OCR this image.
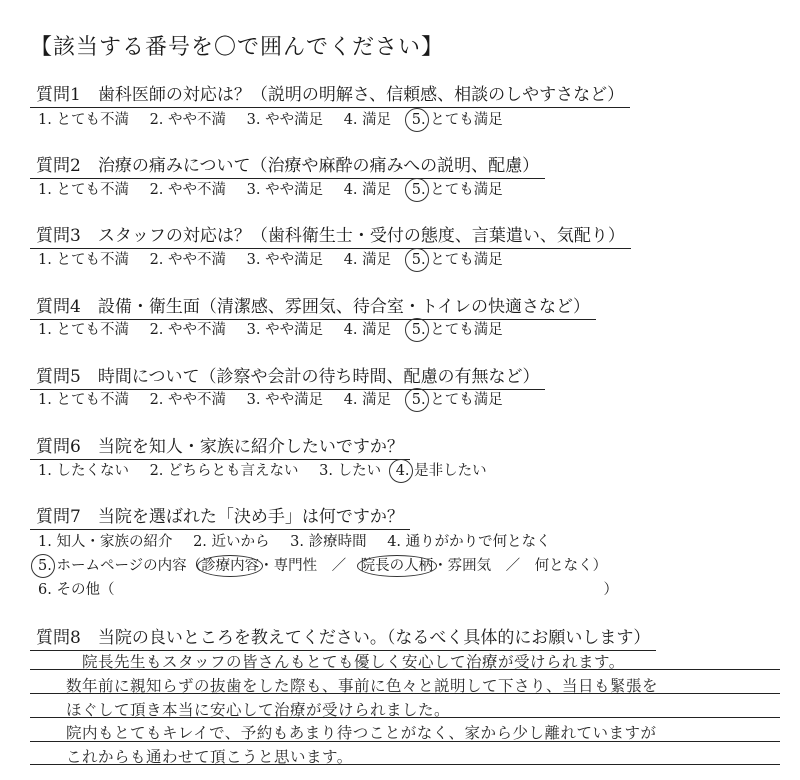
【該当する番号を〇で囲んでください】
質問1　歯科医師の対応は？（説明の明解さ、信頼感、相談のしやすさなど）
1. とても不満 2. やや不満 3. やや満足 4. 満足 5. とても満足
質問2　治療の痛みについて（治療や麻酔の痛みへの説明、配慮）
1. とても不満 2. やや不満 3. やや満足 4. 満足 5. とても満足
質問3　スタッフの対応は？（歯科衛生士・受付の態度、言葉遣い、気配り）
1. とても不満 2. やや不満 3. やや満足 4. 満足 5. とても満足
質問4　設備・衛生面（清潔感、雰囲気、待合室・トイレの快適さなど）
1. とても不満 2. やや不満 3. やや満足 4. 満足 5. とても満足
質問5　時間について（診察や会計の待ち時間、配慮の有無など）
1. とても不満 2. やや不満 3. やや満足 4. 満足 5. とても満足
質問6　当院を知人・家族に紹介したいですか？
1. したくない 2. どちらとも言えない 3. したい 4. 是非したい
質問7　当院を選ばれた「決め手」は何ですか？
1. 知人・家族の紹介 2. 近いから 3. 診療時間 4. 通りがかりで何となく
5. ホームページの内容（診療内容・専門性　／　院長の人柄・雰囲気　／　何となく）
6. その他（	）
質問8　当院の良いところを教えてください。（なるべく具体的にお願いします）
院長先生もスタッフの皆さんもとても優しく安心して治療が受けられます。
数年前に親知らずの抜歯をした際も、事前に色々と説明して下さり、当日も緊張を
ほぐして頂き本当に安心して治療が受けられました。
院内もとてもキレイで、予約もあまり待つことがなく、家から少し離れていますが
これからも通わせて頂こうと思います。
